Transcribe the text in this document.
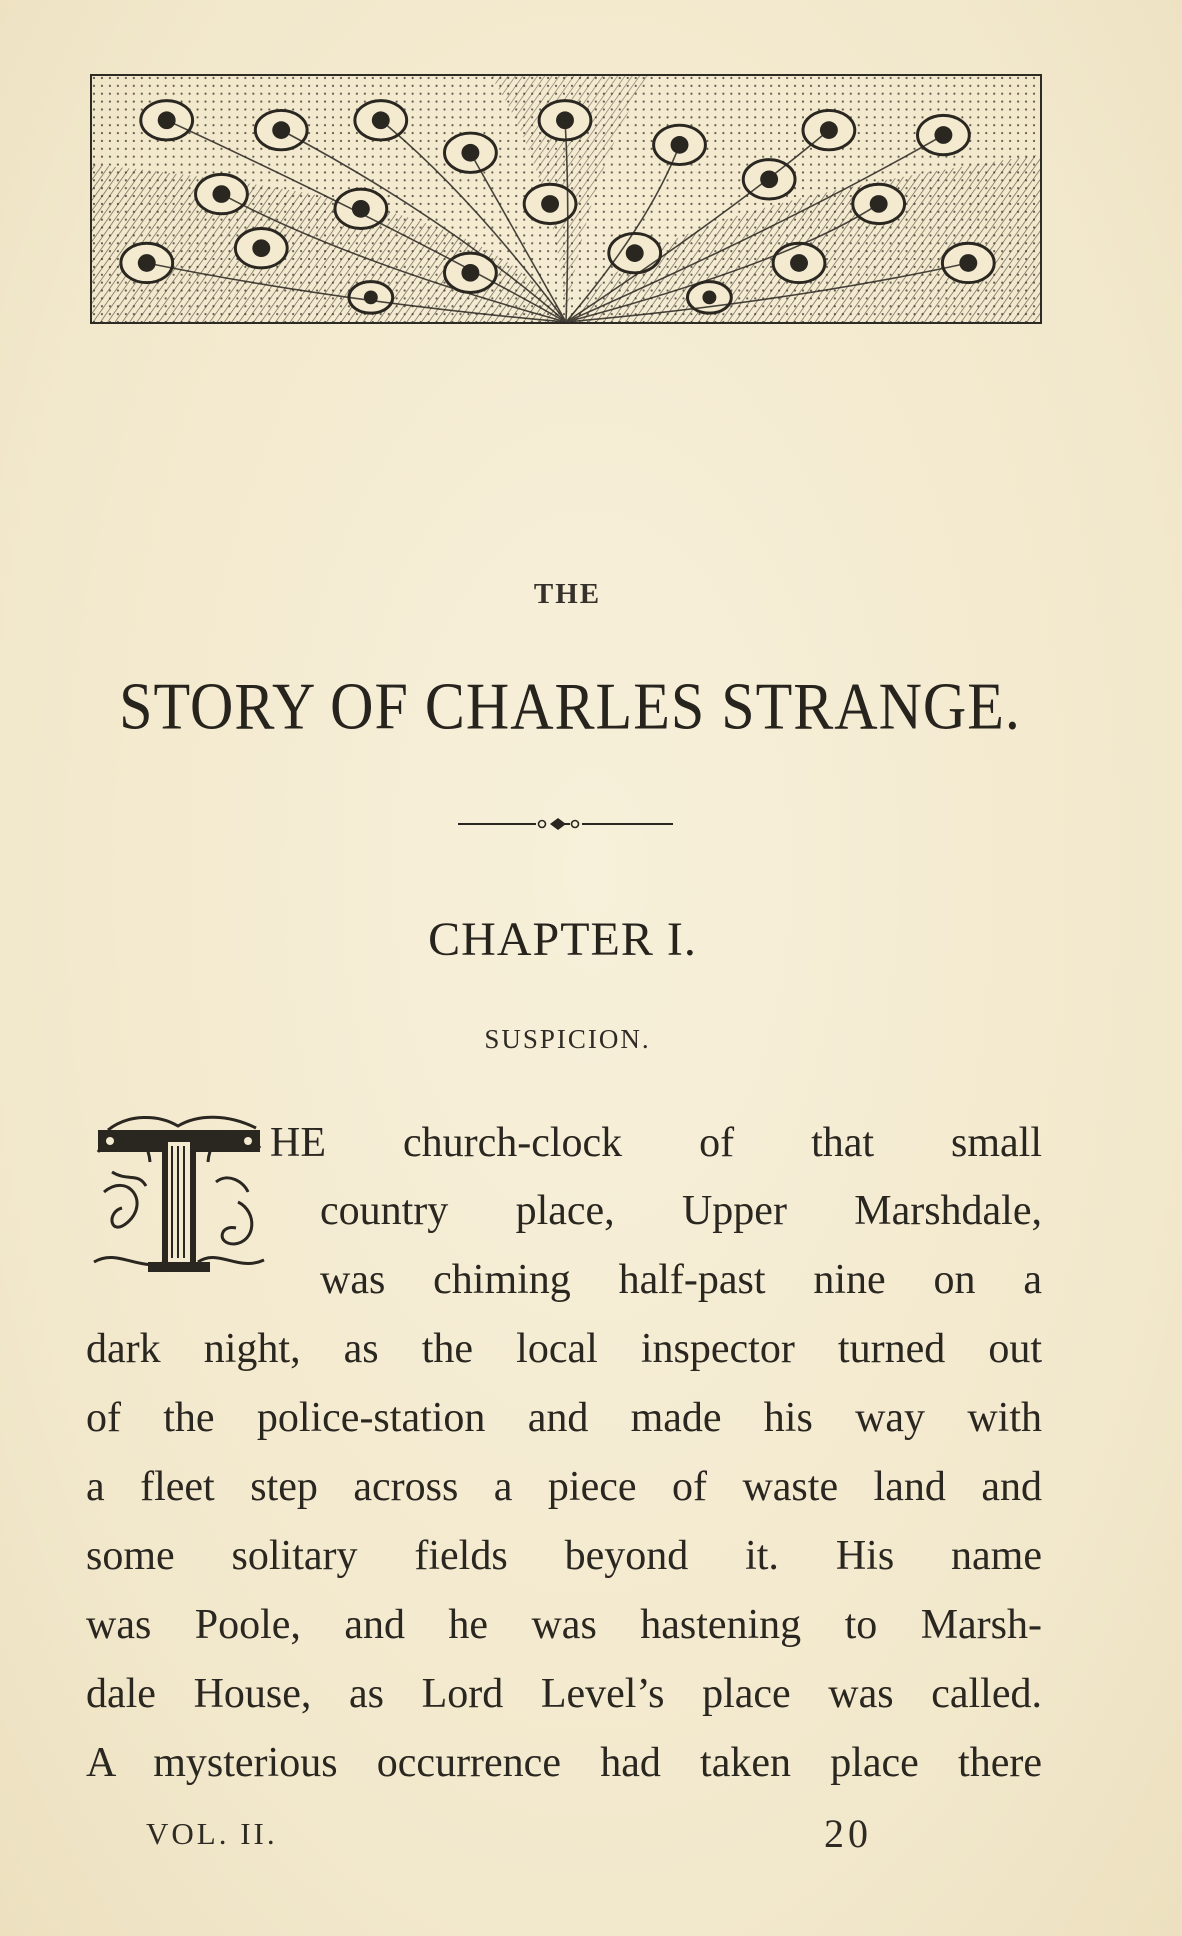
THE
STORY OF CHARLES STRANGE.
CHAPTER I.
SUSPICION.
HE church-clock of that small
country place, Upper Marshdale,
was chiming half-past nine on a
dark night, as the local inspector turned out
of the police-station and made his way with
a fleet step across a piece of waste land and
some solitary fields beyond it. His name
was Poole, and he was hastening to Marsh-
dale House, as Lord Level’s place was called.
A mysterious occurrence had taken place there
VOL. II.	20
